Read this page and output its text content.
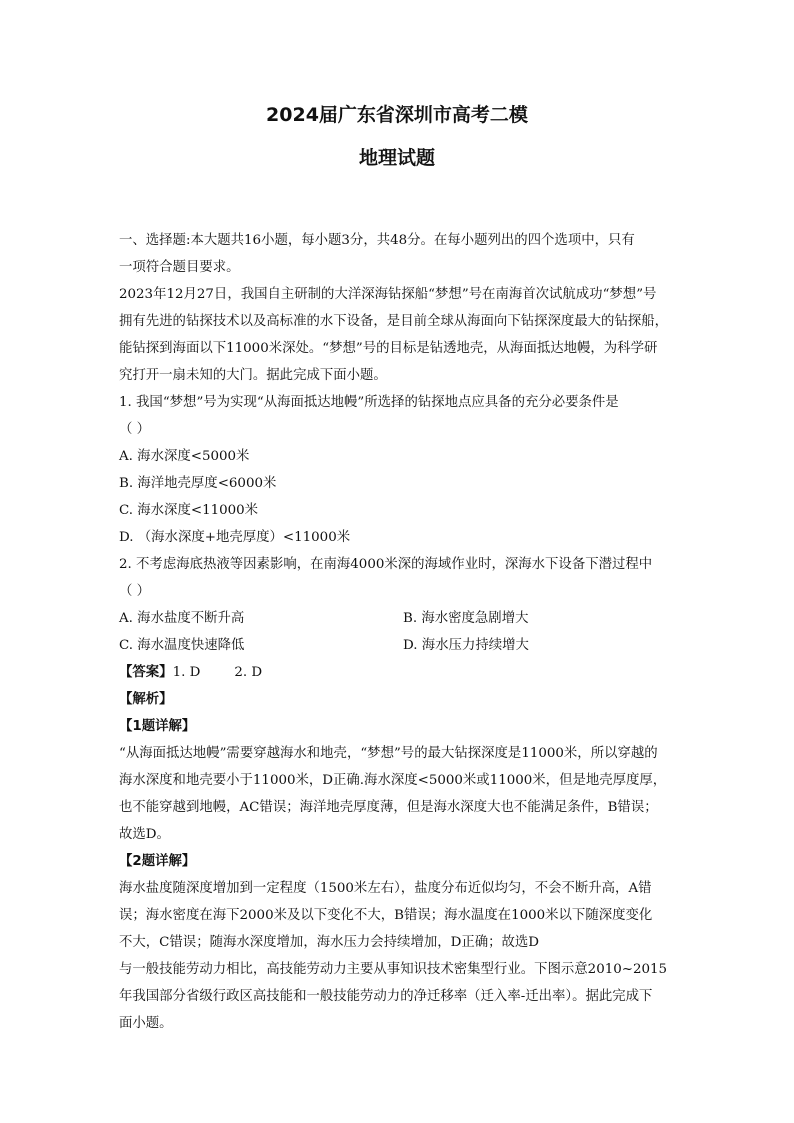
2024届广东省深圳市高考二模
地理试题
一、选择题:本大题共16小题，每小题3分，共48分。在每小题列出的四个选项中，只有
一项符合题目要求。
2023年12月27日，我国自主研制的大洋深海钻探船“梦想”号在南海首次试航成功“梦想”号
拥有先进的钻探技术以及高标准的水下设备，是目前全球从海面向下钻探深度最大的钻探船，
能钻探到海面以下11000米深处。“梦想”号的目标是钻透地壳，从海面抵达地幔，为科学研
究打开一扇未知的大门。据此完成下面小题。
1. 我国“梦想”号为实现“从海面抵达地幔”所选择的钻探地点应具备的充分必要条件是
（ ）
A. 海水深度<5000米
B. 海洋地壳厚度<6000米
C. 海水深度<11000米
D. （海水深度+地壳厚度）<11000米
2. 不考虑海底热液等因素影响，在南海4000米深的海域作业时，深海水下设备下潜过程中
（ ）
A. 海水盐度不断升高	B. 海水密度急剧增大
C. 海水温度快速降低	D. 海水压力持续增大
【答案】1. D        2. D
【解析】
【1题详解】
“从海面抵达地幔”需要穿越海水和地壳，“梦想”号的最大钻探深度是11000米，所以穿越的
海水深度和地壳要小于11000米，D正确.海水深度<5000米或11000米，但是地壳厚度厚，
也不能穿越到地幔，AC错误；海洋地壳厚度薄，但是海水深度大也不能满足条件，B错误；
故选D。
【2题详解】
海水盐度随深度增加到一定程度（1500米左右），盐度分布近似均匀，不会不断升高，A错
误；海水密度在海下2000米及以下变化不大，B错误；海水温度在1000米以下随深度变化
不大，C错误；随海水深度增加，海水压力会持续增加，D正确；故选D
与一般技能劳动力相比，高技能劳动力主要从事知识技术密集型行业。下图示意2010~2015
年我国部分省级行政区高技能和一般技能劳动力的净迁移率（迁入率-迁出率）。据此完成下
面小题。
